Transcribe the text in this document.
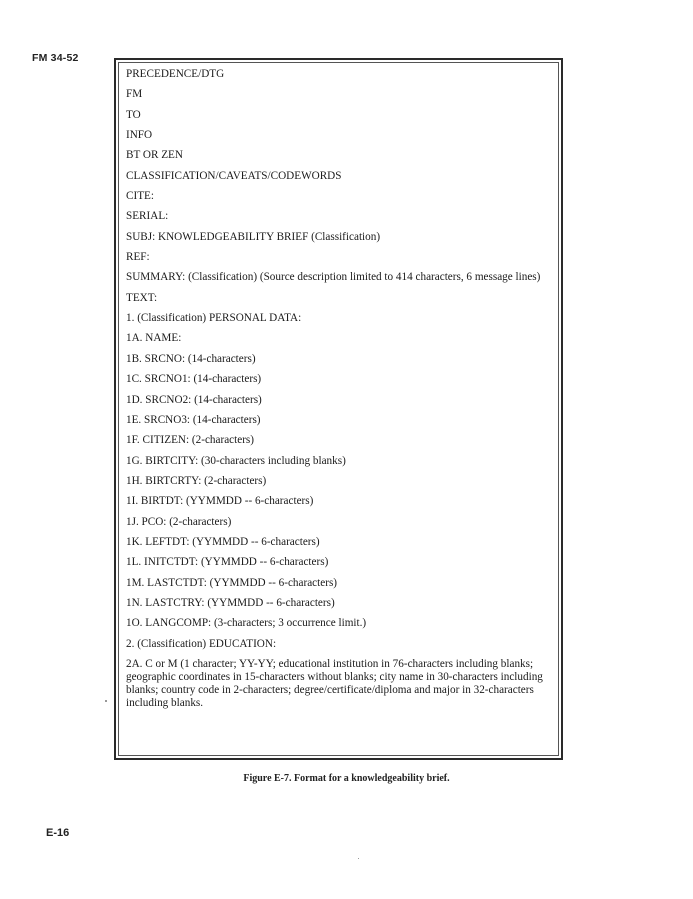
FM 34-52
PRECEDENCE/DTG
FM
TO
INFO
BT OR ZEN
CLASSIFICATION/CAVEATS/CODEWORDS
CITE:
SERIAL:
SUBJ: KNOWLEDGEABILITY BRIEF (Classification)
REF:
SUMMARY: (Classification) (Source description limited to 414 characters, 6 message lines)
TEXT:
1. (Classification) PERSONAL DATA:
1A. NAME:
1B. SRCNO: (14-characters)
1C. SRCNO1: (14-characters)
1D. SRCNO2: (14-characters)
1E. SRCNO3: (14-characters)
1F. CITIZEN: (2-characters)
1G. BIRTCITY: (30-characters including blanks)
1H. BIRTCRTY: (2-characters)
1I. BIRTDT: (YYMMDD -- 6-characters)
1J. PCO: (2-characters)
1K. LEFTDT: (YYMMDD -- 6-characters)
1L. INITCTDT: (YYMMDD -- 6-characters)
1M. LASTCTDT: (YYMMDD -- 6-characters)
1N. LASTCTRY: (YYMMDD -- 6-characters)
1O. LANGCOMP: (3-characters; 3 occurrence limit.)
2. (Classification) EDUCATION:
2A. C or M (1 character; YY-YY; educational institution in 76-characters including blanks; geographic coordinates in 15-characters without blanks; city name in 30-characters including blanks; country code in 2-characters; degree/certificate/diploma and major in 32-characters including blanks.
Figure E-7. Format for a knowledgeability brief.
E-16
